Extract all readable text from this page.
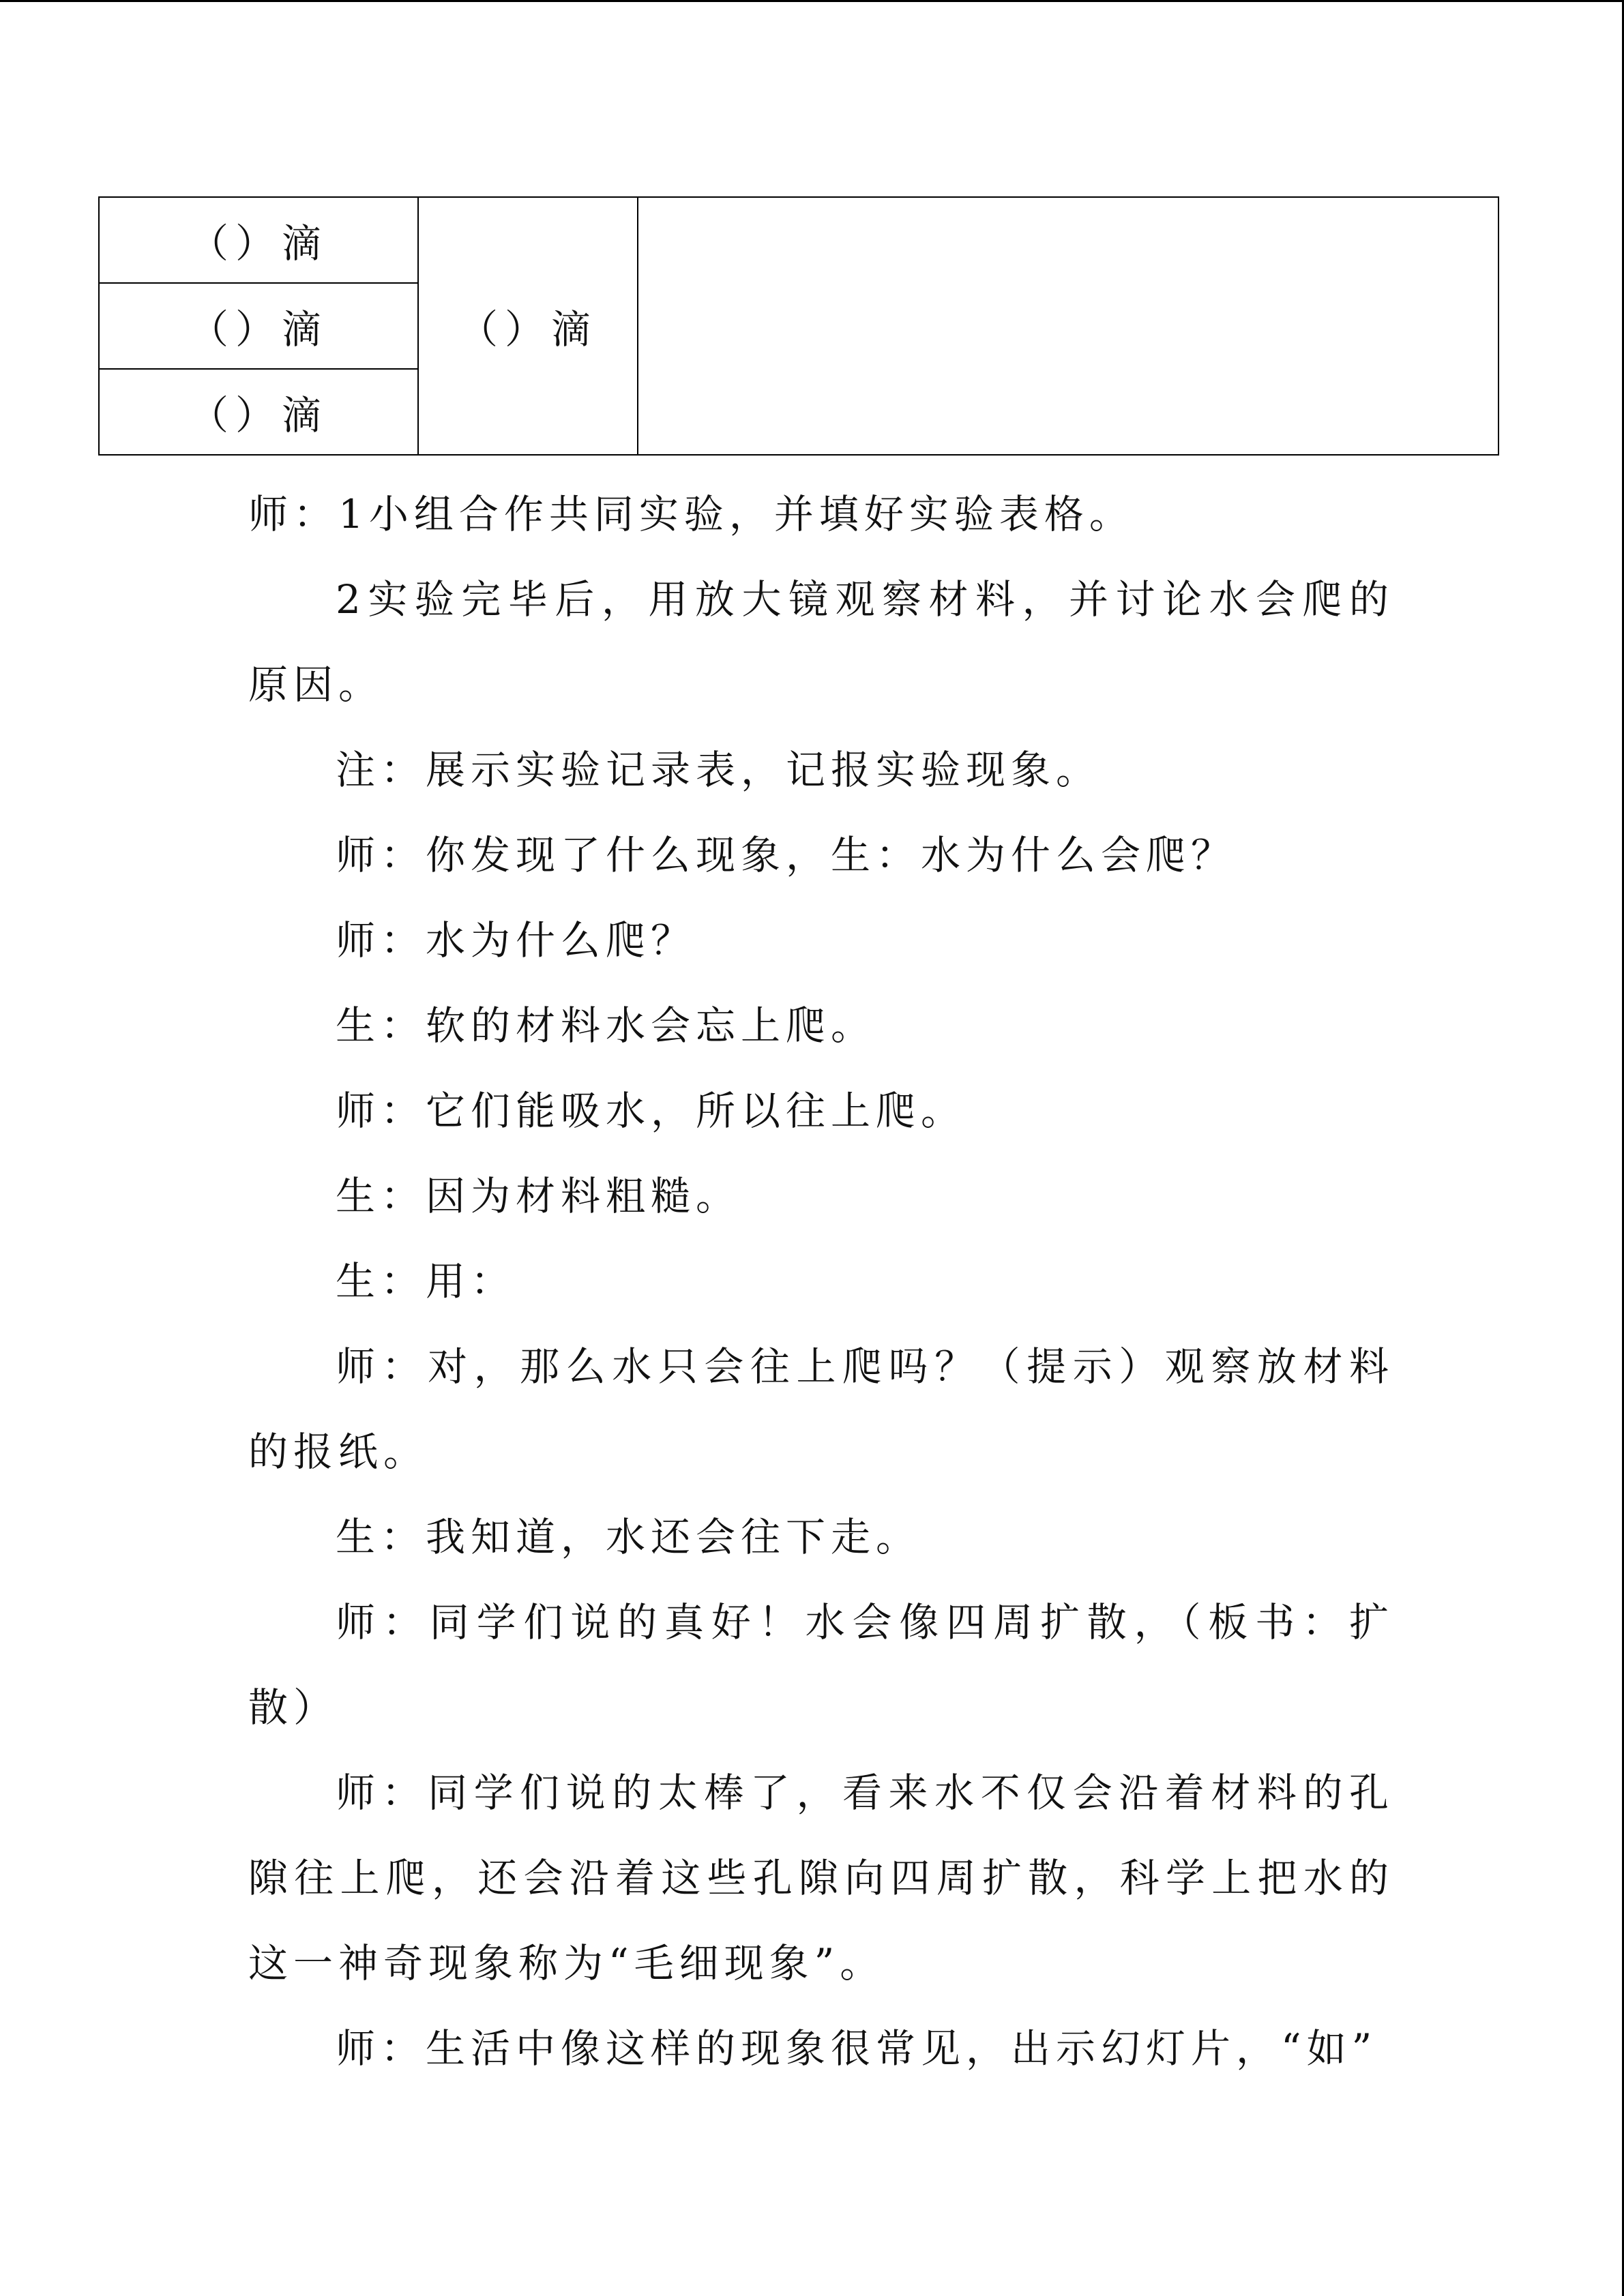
（）滴	（）滴	
（）滴
（）滴

师：1小组合作共同实验，并填好实验表格。

2实验完毕后，用放大镜观察材料，并讨论水会爬的原因。

注：展示实验记录表，记报实验现象。

师：你发现了什么现象，生：水为什么会爬？

师：水为什么爬？

生：软的材料水会忘上爬。

师：它们能吸水，所以往上爬。

生：因为材料粗糙。

生：用：

师：对，那么水只会往上爬吗？（提示）观察放材料的报纸。

生：我知道，水还会往下走。

师：同学们说的真好！水会像四周扩散，（板书：扩散）

师：同学们说的太棒了，看来水不仅会沿着材料的孔隙往上爬，还会沿着这些孔隙向四周扩散，科学上把水的这一神奇现象称为“毛细现象”。

师：生活中像这样的现象很常见，出示幻灯片，“如”
